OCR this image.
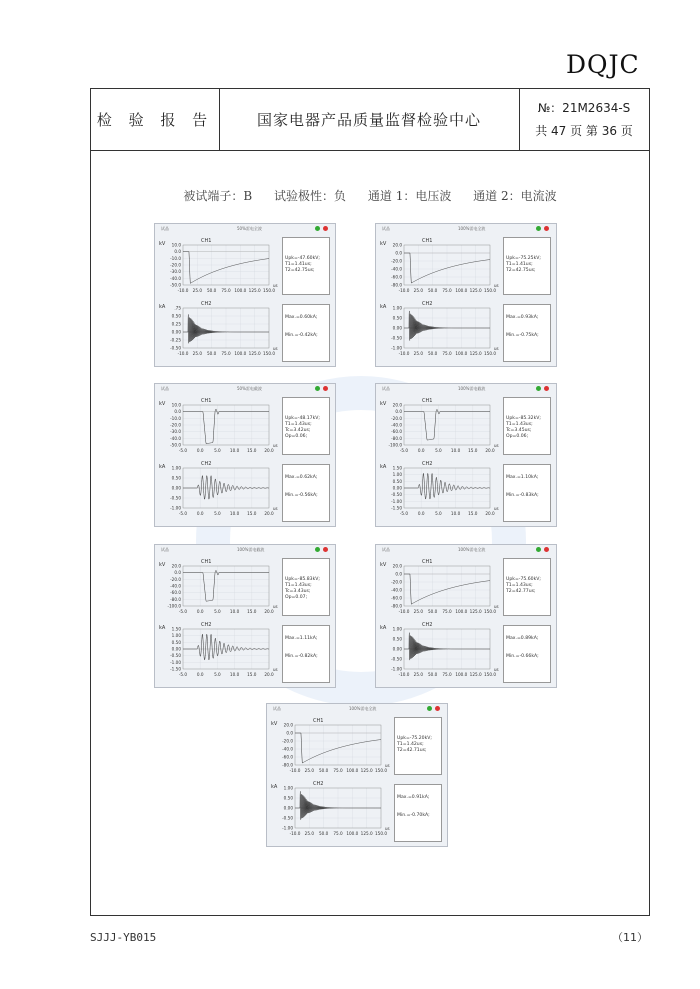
DQJC
检 验 报 告	国家电器产品质量监督检验中心
№：21M2634-S
共 47 页 第 36 页
被试端子：B 试验极性：负 通道 1：电压波 通道 2：电流波
试品	50%雷电全波
kV	CH1
10.0
0.0
-10.0
-20.0
-30.0
-40.0
-50.0
-10.0 25.0 50.0 75.0 100.0 125.0 150.0
us
kA	CH2
.75
0.50
0.25
0.00
-0.25
-0.50
-10.0 25.0 50.0 75.0 100.0 125.0 150.0
us
Upk=-47.60kV;
T1=1.41us;
T2=42.75us;
Max.=0.60kA;
Min.=-0.42kA;
试品	100%雷电全波
kV	CH1
20.0
0.0
-20.0
-40.0
-60.0
-80.0
-10.0 25.0 50.0 75.0 100.0 125.0 150.0
us
kA	CH2
1.00
0.50
0.00
-0.50
-1.00
-10.0 25.0 50.0 75.0 100.0 125.0 150.0
us
Upk=-75.25kV;
T1=1.41us;
T2=42.75us;
Max.=0.93kA;
Min.=-0.75kA;
试品	50%雷电截波
kV	CH1
10.0
0.0
-10.0
-20.0
-30.0
-40.0
-50.0
-5.0 0.0	5.0 10.0 15.0 20.0
us
kA	CH2
1.00
0.50
0.00
-0.50
-1.00
-5.0 0.0	5.0 10.0 15.0 20.0
us
Upk=-48.17kV;
T1=1.43us;
Tc=3.42us;
Op=0.06;
Max.=0.62kA;
Min.=-0.56kA;
试品	100%雷电截波
kV	CH1
20.0
0.0
-20.0
-40.0
-60.0
-80.0
-100.0
-5.0 0.0	5.0 10.0 15.0 20.0
us
kA	CH2
1.50
1.00
0.50
0.00
-0.50
-1.00
-1.50
-5.0 0.0	5.0 10.0 15.0 20.0
us
Upk=-85.32kV;
T1=1.43us;
Tc=3.45us;
Op=0.06;
Max.=1.10kA;
Min.=-0.83kA;
试品	100%雷电截波
kV	CH1
20.0
0.0
-20.0
-40.0
-60.0
-80.0
-100.0
-5.0 0.0	5.0 10.0 15.0 20.0
us
kA	CH2
1.50
1.00
0.50
0.00
-0.50
-1.00
-1.50
-5.0 0.0	5.0 10.0 15.0 20.0
us
Upk=-85.83kV;
T1=1.43us;
Tc=3.43us;
Op=0.07;
Max.=1.11kA;
Min.=-0.82kA;
试品	100%雷电全波
kV	CH1
20.0
0.0
-20.0
-40.0
-60.0
-80.0
-10.0 25.0 50.0 75.0 100.0 125.0 150.0
us
kA	CH2
1.00
0.50
0.00
-0.50
-1.00
-10.0 25.0 50.0 75.0 100.0 125.0 150.0
us
Upk=-75.60kV;
T1=1.43us;
T2=42.77us;
Max.=0.89kA;
Min.=-0.66kA;
试品	100%雷电全波
kV	CH1
20.0
0.0
-20.0
-40.0
-60.0
-80.0
-10.0 25.0 50.0 75.0 100.0 125.0 150.0
us
kA	CH2
1.00
0.50
0.00
-0.50
-1.00
-10.0 25.0 50.0 75.0 100.0 125.0 150.0
us
Upk=-75.20kV;
T1=1.42us;
T2=42.71us;
Max.=0.91kA;
Min.=-0.70kA;
SJJJ-YB015	（11）
